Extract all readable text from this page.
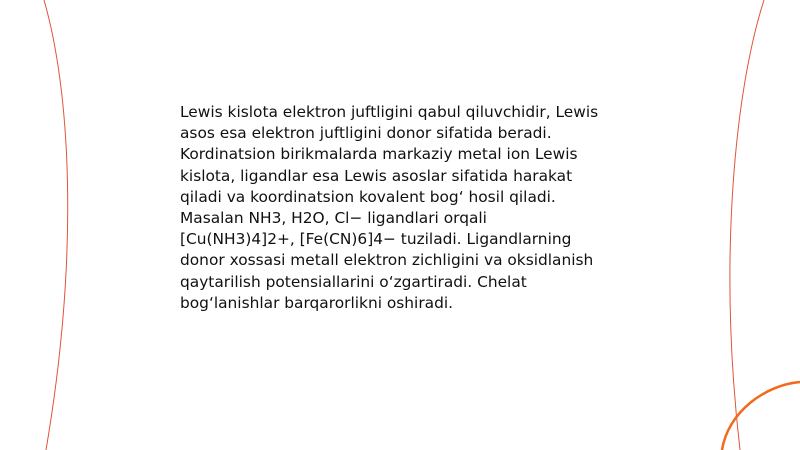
Lewis kislota elektron juftligini qabul qiluvchidir, Lewis
asos esa elektron juftligini donor sifatida beradi.
Kordinatsion birikmalarda markaziy metal ion Lewis
kislota, ligandlar esa Lewis asoslar sifatida harakat
qiladi va koordinatsion kovalent bog‘ hosil qiladi.
Masalan NH3, H2O, Cl− ligandlari orqali
[Cu(NH3)4]2+, [Fe(CN)6]4− tuziladi. Ligandlarning
donor xossasi metall elektron zichligini va oksidlanish
qaytarilish potensiallarini o‘zgartiradi. Chelat
bog‘lanishlar barqarorlikni oshiradi.
